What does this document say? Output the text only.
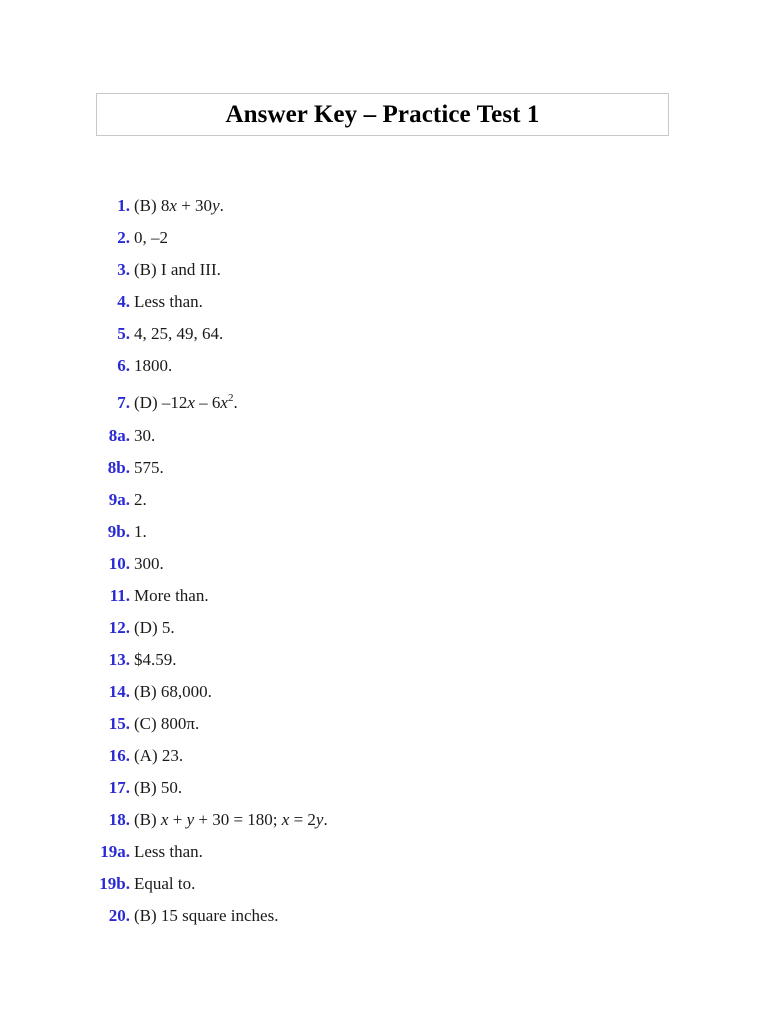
Answer Key – Practice Test 1
1. (B) 8x + 30y.
2. 0, –2
3. (B) I and III.
4. Less than.
5. 4, 25, 49, 64.
6. 1800.
7. (D) $-12x - 6x^2$.
8a. 30.
8b. 575.
9a. 2.
9b. 1.
10. 300.
11. More than.
12. (D) 5.
13. $4.59.
14. (B) 68,000.
15. (C) 800π.
16. (A) 23.
17. (B) 50.
18. (B) x + y + 30 = 180; x = 2y.
19a. Less than.
19b. Equal to.
20. (B) 15 square inches.
